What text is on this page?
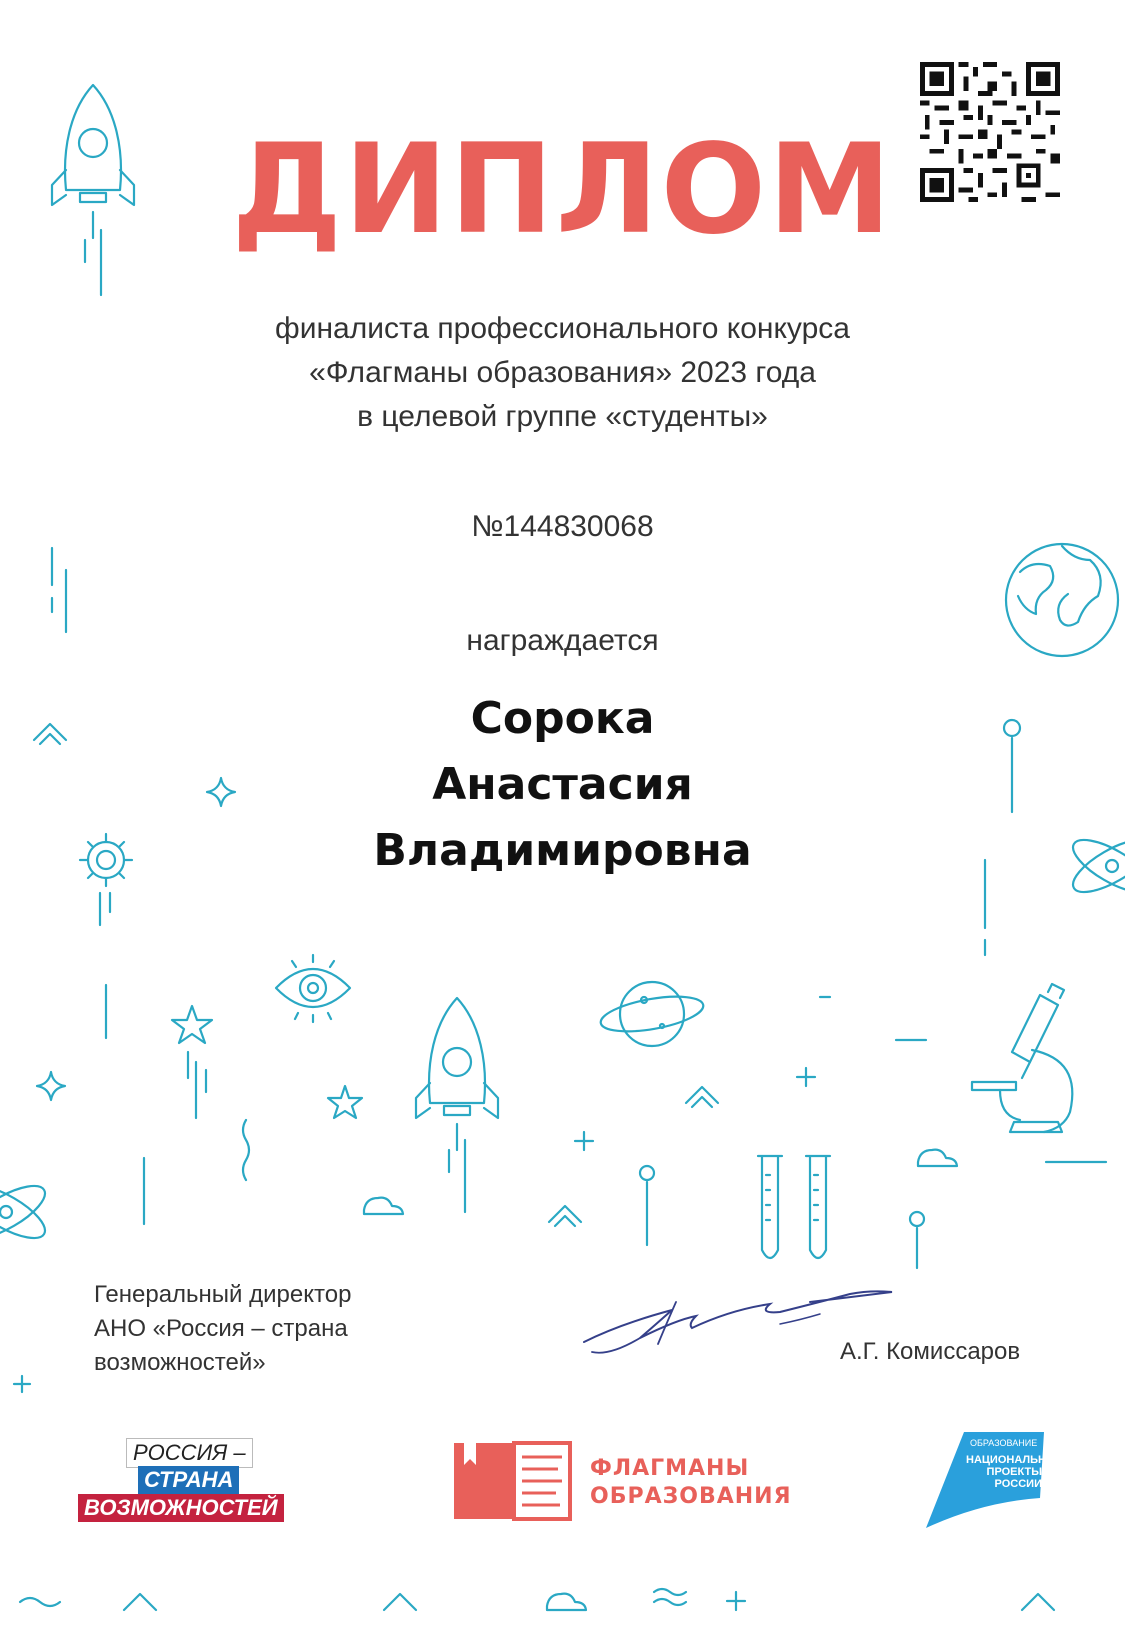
ДИПЛОМ
финалиста профессионального конкурса
«Флагманы образования» 2023 года
в целевой группе «студенты»
№144830068
награждается
Сорока
Анастасия
Владимировна
Генеральный директор
АНО «Россия – страна
возможностей»	А.Г. Комиссаров
РОССИЯ –
СТРАНА
ВОЗМОЖНОСТЕЙ
ФЛАГМАНЫ
ОБРАЗОВАНИЯ
ОБРАЗОВАНИЕ
НАЦИОНАЛЬНЫЕ
ПРОЕКТЫ
РОССИИ
